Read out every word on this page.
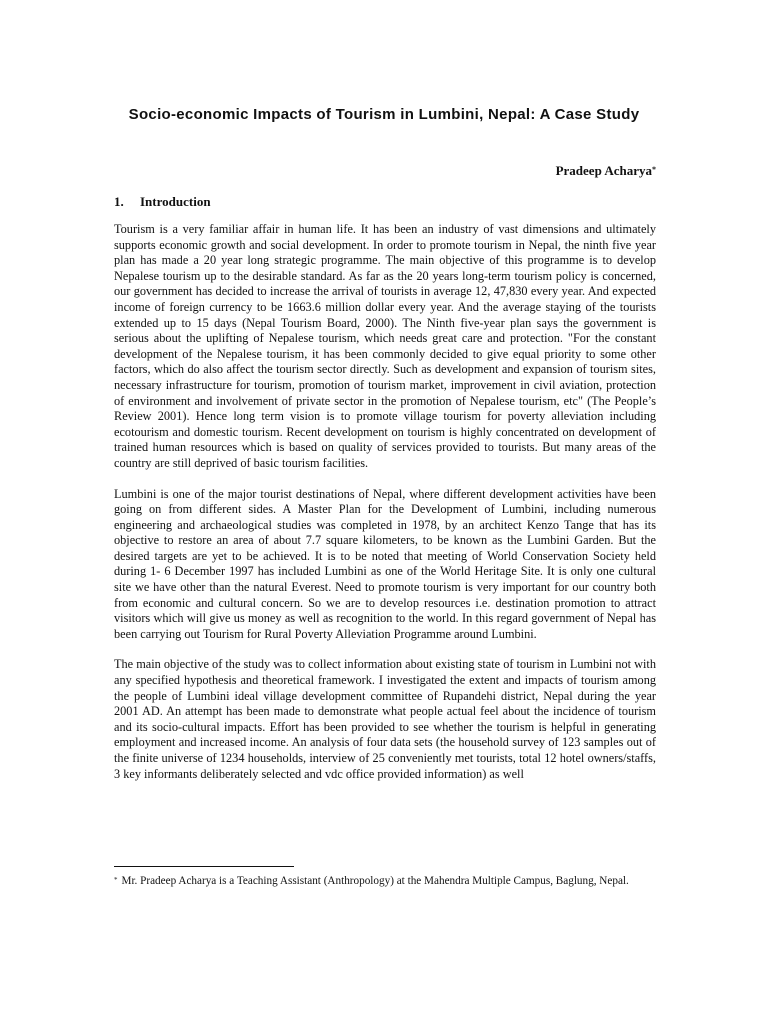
Socio-economic Impacts of Tourism in Lumbini, Nepal: A Case Study
Pradeep Acharya*
1. Introduction

Tourism is a very familiar affair in human life. It has been an industry of vast dimensions and ultimately supports economic growth and social development. In order to promote tourism in Nepal, the ninth five year plan has made a 20 year long strategic programme. The main objective of this programme is to develop Nepalese tourism up to the desirable standard. As far as the 20 years long-term tourism policy is concerned, our government has decided to increase the arrival of tourists in average 12, 47,830 every year. And expected income of foreign currency to be 1663.6 million dollar every year. And the average staying of the tourists extended up to 15 days (Nepal Tourism Board, 2000). The Ninth five-year plan says the government is serious about the uplifting of Nepalese tourism, which needs great care and protection. "For the constant development of the Nepalese tourism, it has been commonly decided to give equal priority to some other factors, which do also affect the tourism sector directly. Such as development and expansion of tourism sites, necessary infrastructure for tourism, promotion of tourism market, improvement in civil aviation, protection of environment and involvement of private sector in the promotion of Nepalese tourism, etc" (The People’s Review 2001). Hence long term vision is to promote village tourism for poverty alleviation including ecotourism and domestic tourism. Recent development on tourism is highly concentrated on development of trained human resources which is based on quality of services provided to tourists. But many areas of the country are still deprived of basic tourism facilities.

Lumbini is one of the major tourist destinations of Nepal, where different development activities have been going on from different sides. A Master Plan for the Development of Lumbini, including numerous engineering and archaeological studies was completed in 1978, by an architect Kenzo Tange that has its objective to restore an area of about 7.7 square kilometers, to be known as the Lumbini Garden. But the desired targets are yet to be achieved. It is to be noted that meeting of World Conservation Society held during 1- 6 December 1997 has included Lumbini as one of the World Heritage Site. It is only one cultural site we have other than the natural Everest. Need to promote tourism is very important for our country both from economic and cultural concern. So we are to develop resources i.e. destination promotion to attract visitors which will give us money as well as recognition to the world. In this regard government of Nepal has been carrying out Tourism for Rural Poverty Alleviation Programme around Lumbini.

The main objective of the study was to collect information about existing state of tourism in Lumbini not with any specified hypothesis and theoretical framework. I investigated the extent and impacts of tourism among the people of Lumbini ideal village development committee of Rupandehi district, Nepal during the year 2001 AD. An attempt has been made to demonstrate what people actual feel about the incidence of tourism and its socio-cultural impacts. Effort has been provided to see whether the tourism is helpful in generating employment and increased income. An analysis of four data sets (the household survey of 123 samples out of the finite universe of 1234 households, interview of 25 conveniently met tourists, total 12 hotel owners/staffs, 3 key informants deliberately selected and vdc office provided information) as well

* Mr. Pradeep Acharya is a Teaching Assistant (Anthropology) at the Mahendra Multiple Campus, Baglung, Nepal.
